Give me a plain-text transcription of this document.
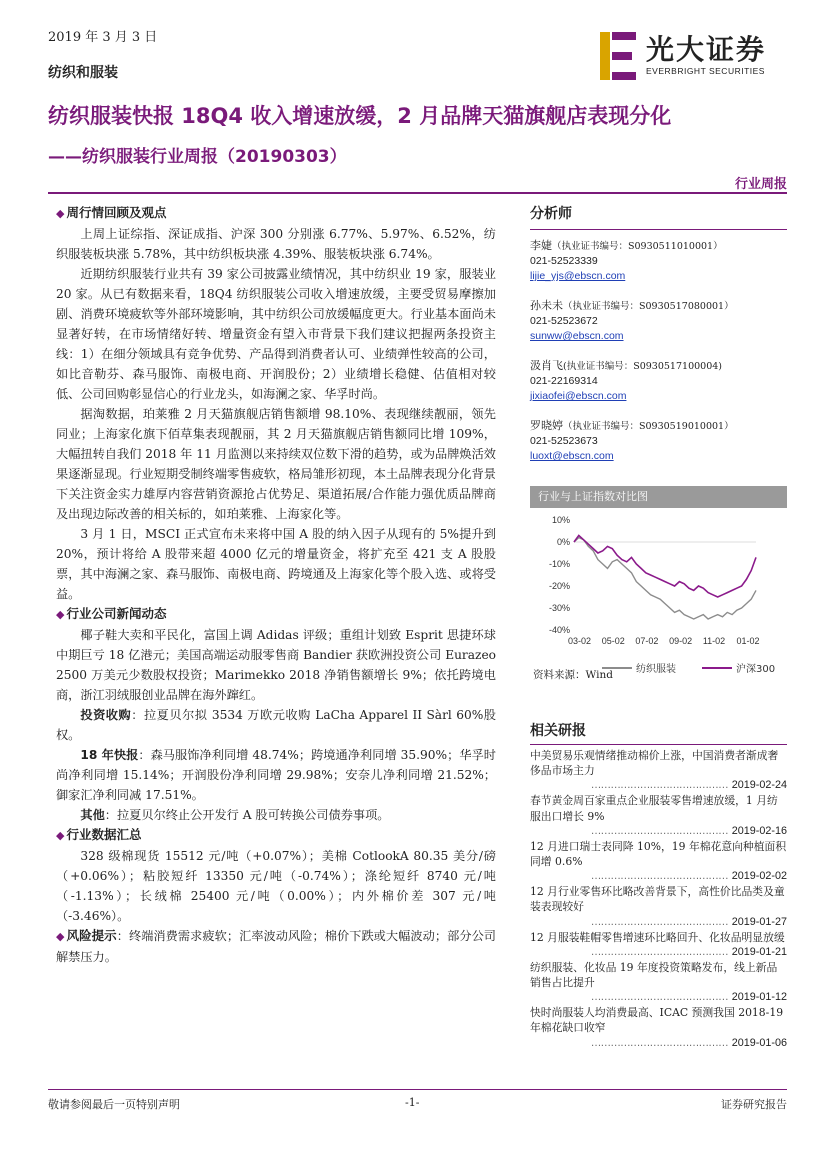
2019 年 3 月 3 日
纺织和服装
光大证券
EVERBRIGHT SECURITIES
纺织服装快报 18Q4 收入增速放缓，2 月品牌天猫旗舰店表现分化
——纺织服装行业周报（20190303）
行业周报
◆ 周行情回顾及观点

上周上证综指、深证成指、沪深 300 分别涨 6.77%、5.97%、6.52%，纺织服装板块涨 5.78%，其中纺织板块涨 4.39%、服装板块涨 6.74%。

近期纺织服装行业共有 39 家公司披露业绩情况，其中纺织业 19 家，服装业 20 家。从已有数据来看，18Q4 纺织服装公司收入增速放缓，主要受贸易摩擦加剧、消费环境疲软等外部环境影响，其中纺织公司放缓幅度更大。行业基本面尚未显著好转，在市场情绪好转、增量资金有望入市背景下我们建议把握两条投资主线：1）在细分领域具有竞争优势、产品得到消费者认可、业绩弹性较高的公司，如比音勒芬、森马服饰、南极电商、开润股份；2）业绩增长稳健、估值相对较低、公司回购彰显信心的行业龙头，如海澜之家、华孚时尚。

据淘数据，珀莱雅 2 月天猫旗舰店销售额增 98.10%、表现继续靓丽，领先同业；上海家化旗下佰草集表现靓丽，其 2 月天猫旗舰店销售额同比增 109%，大幅扭转自我们 2018 年 11 月监测以来持续双位数下滑的趋势，或为品牌焕活效果逐渐显现。行业短期受制终端零售疲软，格局雏形初现，本土品牌表现分化背景下关注资金实力雄厚内容营销资源抢占优势足、渠道拓展/合作能力强优质品牌商及出现边际改善的相关标的，如珀莱雅、上海家化等。

3 月 1 日，MSCI 正式宣布未来将中国 A 股的纳入因子从现有的 5%提升到 20%，预计将给 A 股带来超 4000 亿元的增量资金，将扩充至 421 支 A 股股票，其中海澜之家、森马服饰、南极电商、跨境通及上海家化等个股入选、或将受益。

◆ 行业公司新闻动态

椰子鞋大卖和平民化，富国上调 Adidas 评级；重组计划致 Esprit 思捷环球中期巨亏 18 亿港元；美国高端运动服零售商 Bandier 获欧洲投资公司 Eurazeo 2500 万美元少数股权投资；Marimekko 2018 净销售额增长 9%；依托跨境电商，浙江羽绒服创业品牌在海外蹿红。

投资收购：拉夏贝尔拟 3534 万欧元收购 LaCha Apparel II Sàrl 60%股权。

18 年快报：森马服饰净利同增 48.74%；跨境通净利同增 35.90%；华孚时尚净利同增 15.14%；开润股份净利同增 29.98%；安奈儿净利同增 21.52%；御家汇净利同减 17.51%。

其他：拉夏贝尔终止公开发行 A 股可转换公司债券事项。

◆ 行业数据汇总

328 级棉现货 15512 元/吨（+0.07%）；美棉 CotlookA 80.35 美分/磅（+0.06%）；粘胶短纤 13350 元/吨（-0.74%）；涤纶短纤 8740 元/吨（-1.13%）；长绒棉 25400 元/吨（0.00%）；内外棉价差 307 元/吨（-3.46%）。

◆ 风险提示：终端消费需求疲软；汇率波动风险；棉价下跌或大幅波动；部分公司解禁压力。
分析师
李婕（执业证书编号：S0930511010001）
021-52523339
lijie_yjs@ebscn.com
孙未未（执业证书编号：S0930517080001）
021-52523672
sunww@ebscn.com
汲肖飞(执业证书编号：S0930517100004)
021-22169314
jixiaofei@ebscn.com
罗晓婷（执业证书编号：S0930519010001）
021-52523673
luoxt@ebscn.com
行业与上证指数对比图
10%
0%
-10%
-20%
-30%
-40%
03-02 05-02 07-02 09-02 11-02 01-02
纺织服装	沪深300
资料来源：Wind
相关研报
中美贸易乐观情绪推动棉价上涨，中国消费者渐成奢侈品市场主力
…………………………………… 2019-02-24
春节黄金周百家重点企业服装零售增速放缓，1 月纺服出口增长 9%
…………………………………… 2019-02-16
12 月进口瑞士表同降 10%，19 年棉花意向种植面积同增 0.6%
…………………………………… 2019-02-02
12 月行业零售环比略改善背景下，高性价比品类及童装表现较好
…………………………………… 2019-01-27
12 月服装鞋帽零售增速环比略回升、化妆品明显放缓
…………………………………… 2019-01-21
纺织服装、化妆品 19 年度投资策略发布，线上新品销售占比提升
…………………………………… 2019-01-12
快时尚服装人均消费最高、ICAC 预测我国 2018-19 年棉花缺口收窄
…………………………………… 2019-01-06
敬请参阅最后一页特别声明	-1-	证券研究报告
